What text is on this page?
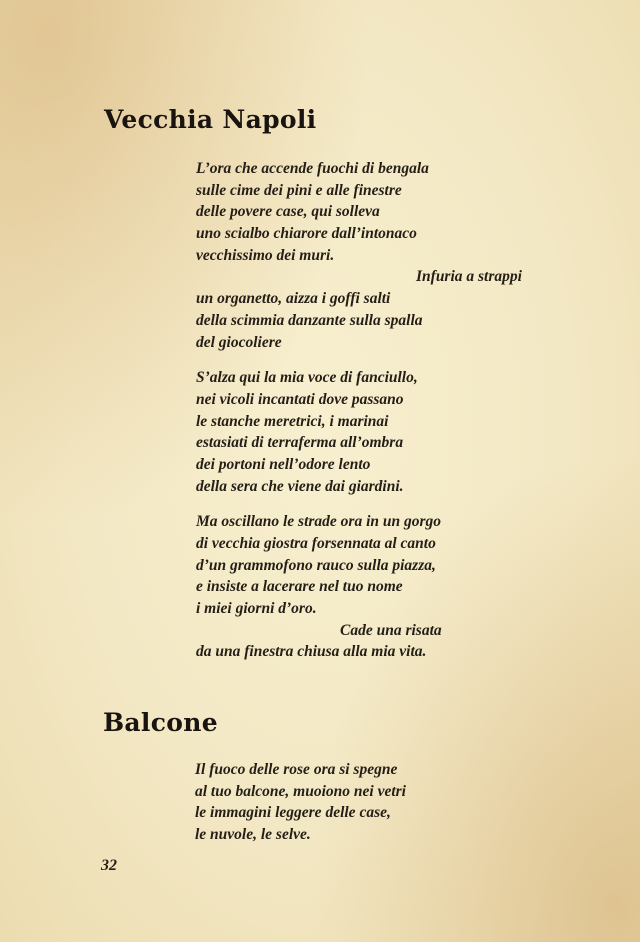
Vecchia Napoli
L’ora che accende fuochi di bengala
sulle cime dei pini e alle finestre
delle povere case, qui solleva
uno scialbo chiarore dall’intonaco
vecchissimo dei muri.
Infuria a strappi
un organetto, aizza i goffi salti
della scimmia danzante sulla spalla
del giocoliere
S’alza qui la mia voce di fanciullo,
nei vicoli incantati dove passano
le stanche meretrici, i marinai
estasiati di terraferma all’ombra
dei portoni nell’odore lento
della sera che viene dai giardini.
Ma oscillano le strade ora in un gorgo
di vecchia giostra forsennata al canto
d’un grammofono rauco sulla piazza,
e insiste a lacerare nel tuo nome
i miei giorni d’oro.
Cade una risata
da una finestra chiusa alla mia vita.
Balcone
Il fuoco delle rose ora si spegne
al tuo balcone, muoiono nei vetri
le immagini leggere delle case,
le nuvole, le selve.
32
